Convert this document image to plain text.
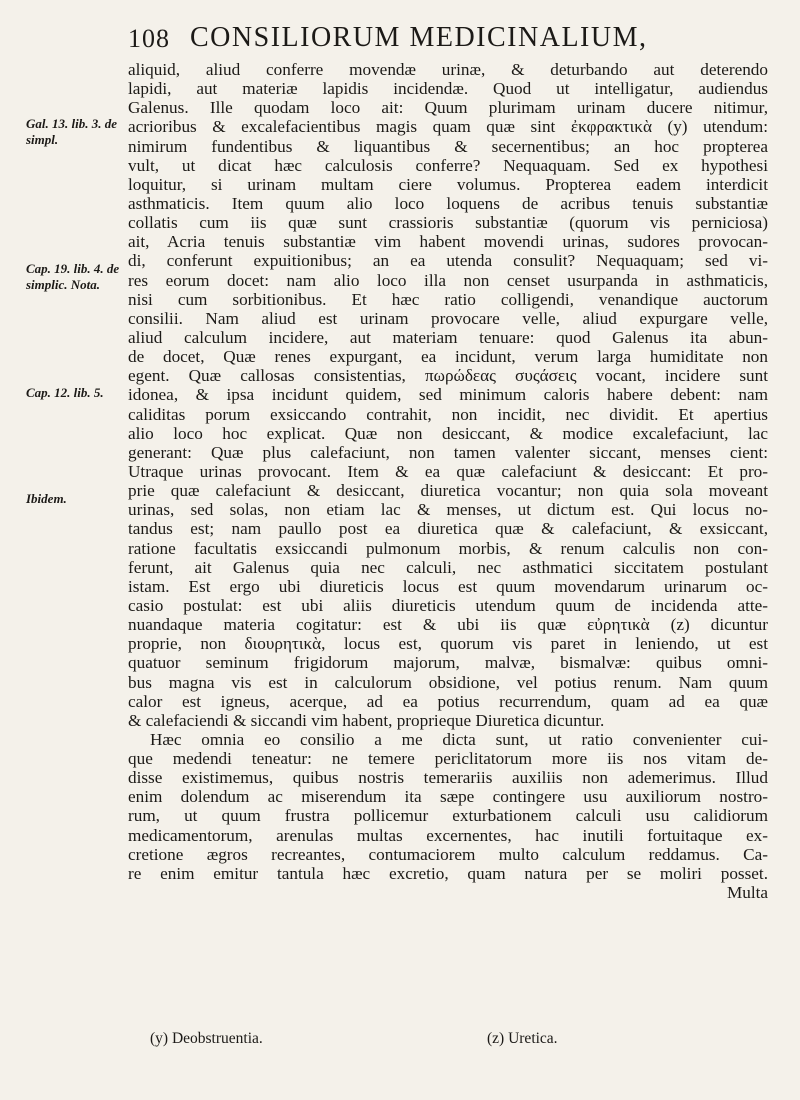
108 CONSILIORUM MEDICINALIUM,
Gal. 13. lib. 3. de simpl.
Cap. 19. lib. 4. de simplic. Nota.
Cap. 12. lib. 5.
Ibidem.
aliquid, aliud conferre movendæ urinæ, & deturbando aut deterendo
lapidi, aut materiæ lapidis incidendæ. Quod ut intelligatur, audiendus
Galenus. Ille quodam loco ait: Quum plurimam urinam ducere nitimur,
acrioribus & excalefacientibus magis quam quæ sint ἐκφρακτικὰ (y) utendum:
nimirum fundentibus & liquantibus & secernentibus; an hoc propterea
vult, ut dicat hæc calculosis conferre? Nequaquam. Sed ex hypothesi
loquitur, si urinam multam ciere volumus. Propterea eadem interdicit
asthmaticis. Item quum alio loco loquens de acribus tenuis substantiæ
collatis cum iis quæ sunt crassioris substantiæ (quorum vis perniciosa)
ait, Acria tenuis substantiæ vim habent movendi urinas, sudores provocan-
di, conferunt expuitionibus; an ea utenda consulit? Nequaquam; sed vi-
res eorum docet: nam alio loco illa non censet usurpanda in asthmaticis,
nisi cum sorbitionibus. Et hæc ratio colligendi, venandique auctorum
consilii. Nam aliud est urinam provocare velle, aliud expurgare velle,
aliud calculum incidere, aut materiam tenuare: quod Galenus ita abun-
de docet, Quæ renes expurgant, ea incidunt, verum larga humiditate non
egent. Quæ callosas consistentias, πωρώδεας συςάσεις vocant, incidere sunt
idonea, & ipsa incidunt quidem, sed minimum caloris habere debent: nam
caliditas porum exsiccando contrahit, non incidit, nec dividit. Et apertius
alio loco hoc explicat. Quæ non desiccant, & modice excalefaciunt, lac
generant: Quæ plus calefaciunt, non tamen valenter siccant, menses cient:
Utraque urinas provocant. Item & ea quæ calefaciunt & desiccant: Et pro-
prie quæ calefaciunt & desiccant, diuretica vocantur; non quia sola moveant
urinas, sed solas, non etiam lac & menses, ut dictum est. Qui locus no-
tandus est; nam paullo post ea diuretica quæ & calefaciunt, & exsiccant,
ratione facultatis exsiccandi pulmonum morbis, & renum calculis non con-
ferunt, ait Galenus quia nec calculi, nec asthmatici siccitatem postulant
istam. Est ergo ubi diureticis locus est quum movendarum urinarum oc-
casio postulat: est ubi aliis diureticis utendum quum de incidenda atte-
nuandaque materia cogitatur: est & ubi iis quæ εὐρητικὰ (z) dicuntur
proprie, non διουρητικὰ, locus est, quorum vis paret in leniendo, ut est
quatuor seminum frigidorum majorum, malvæ, bismalvæ: quibus omni-
bus magna vis est in calculorum obsidione, vel potius renum. Nam quum
calor est igneus, acerque, ad ea potius recurrendum, quam ad ea quæ
& calefaciendi & siccandi vim habent, proprieque Diuretica dicuntur.
Hæc omnia eo consilio a me dicta sunt, ut ratio convenienter cui-
que medendi teneatur: ne temere periclitatorum more iis nos vitam de-
disse existimemus, quibus nostris temerariis auxiliis non ademerimus. Illud
enim dolendum ac miserendum ita sæpe contingere usu auxiliorum nostro-
rum, ut quum frustra pollicemur exturbationem calculi usu calidiorum
medicamentorum, arenulas multas excernentes, hac inutili fortuitaque ex-
cretione ægros recreantes, contumaciorem multo calculum reddamus. Ca-
re enim emitur tantula hæc excretio, quam natura per se moliri posset.
Multa
(y) Deobstruentia.	(z) Uretica.
